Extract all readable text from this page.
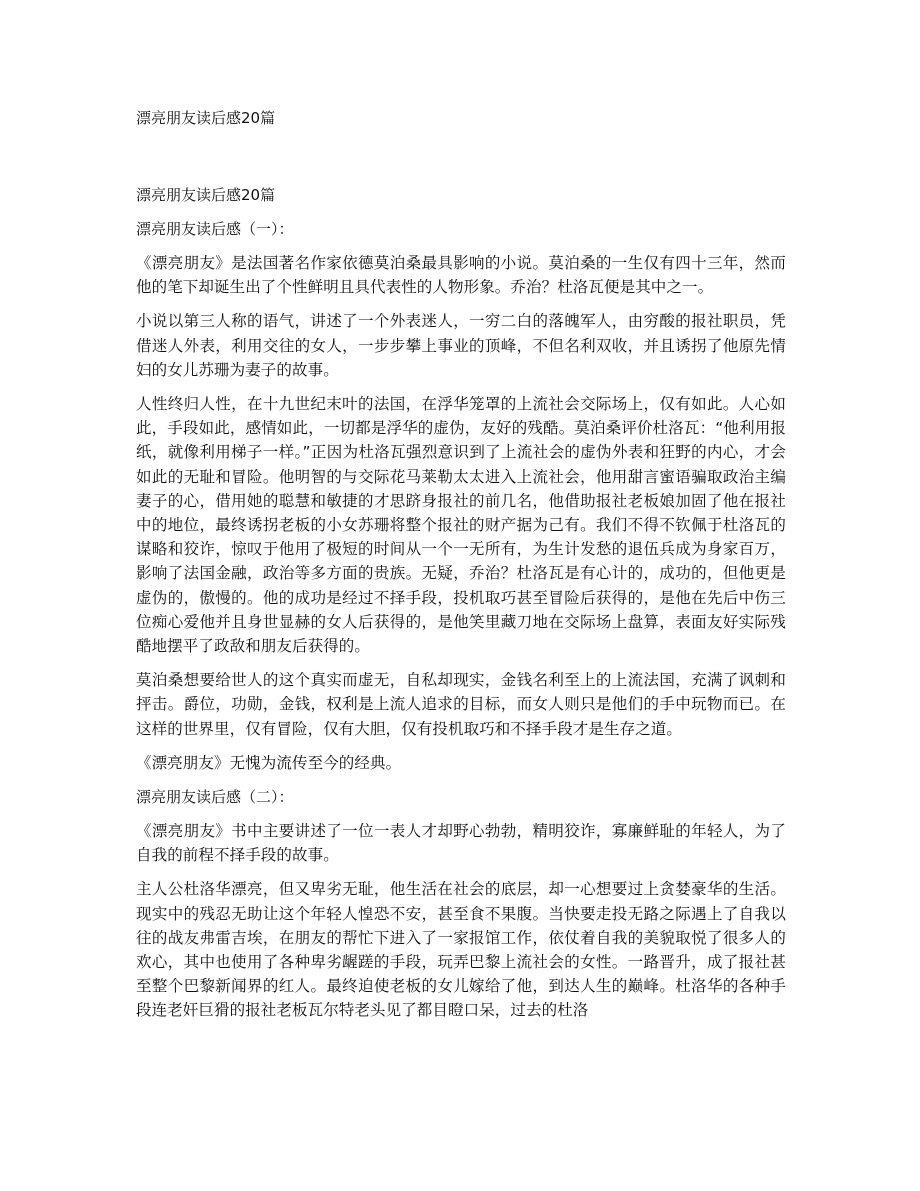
漂亮朋友读后感20篇
漂亮朋友读后感20篇
漂亮朋友读后感（一）：

《漂亮朋友》是法国著名作家依德莫泊桑最具影响的小说。莫泊桑的一生仅有四十三年，然而他的笔下却诞生出了个性鲜明且具代表性的人物形象。乔治？杜洛瓦便是其中之一。

小说以第三人称的语气，讲述了一个外表迷人，一穷二白的落魄军人，由穷酸的报社职员，凭借迷人外表，利用交往的女人，一步步攀上事业的顶峰，不但名利双收，并且诱拐了他原先情妇的女儿苏珊为妻子的故事。

人性终归人性，在十九世纪末叶的法国，在浮华笼罩的上流社会交际场上，仅有如此。人心如此，手段如此，感情如此，一切都是浮华的虚伪，友好的残酷。莫泊桑评价杜洛瓦：“他利用报纸，就像利用梯子一样。”正因为杜洛瓦强烈意识到了上流社会的虚伪外表和狂野的内心，才会如此的无耻和冒险。他明智的与交际花马莱勒太太进入上流社会，他用甜言蜜语骗取政治主编妻子的心，借用她的聪慧和敏捷的才思跻身报社的前几名，他借助报社老板娘加固了他在报社中的地位，最终诱拐老板的小女苏珊将整个报社的财产据为己有。我们不得不钦佩于杜洛瓦的谋略和狡诈，惊叹于他用了极短的时间从一个一无所有，为生计发愁的退伍兵成为身家百万，影响了法国金融，政治等多方面的贵族。无疑，乔治？杜洛瓦是有心计的，成功的，但他更是虚伪的，傲慢的。他的成功是经过不择手段，投机取巧甚至冒险后获得的，是他在先后中伤三位痴心爱他并且身世显赫的女人后获得的，是他笑里藏刀地在交际场上盘算，表面友好实际残酷地摆平了政敌和朋友后获得的。

莫泊桑想要给世人的这个真实而虚无，自私却现实，金钱名利至上的上流法国，充满了讽刺和抨击。爵位，功勋，金钱，权利是上流人追求的目标，而女人则只是他们的手中玩物而已。在这样的世界里，仅有冒险，仅有大胆，仅有投机取巧和不择手段才是生存之道。

《漂亮朋友》无愧为流传至今的经典。

漂亮朋友读后感（二）：

《漂亮朋友》书中主要讲述了一位一表人才却野心勃勃，精明狡诈，寡廉鲜耻的年轻人，为了自我的前程不择手段的故事。

主人公杜洛华漂亮，但又卑劣无耻，他生活在社会的底层，却一心想要过上贪婪豪华的生活。现实中的残忍无助让这个年轻人惶恐不安，甚至食不果腹。当快要走投无路之际遇上了自我以往的战友弗雷吉埃，在朋友的帮忙下进入了一家报馆工作，依仗着自我的美貌取悦了很多人的欢心，其中也使用了各种卑劣龌蹉的手段，玩弄巴黎上流社会的女性。一路晋升，成了报社甚至整个巴黎新闻界的红人。最终迫使老板的女儿嫁给了他，到达人生的巅峰。杜洛华的各种手段连老奸巨猾的报社老板瓦尔特老头见了都目瞪口呆，过去的杜洛
